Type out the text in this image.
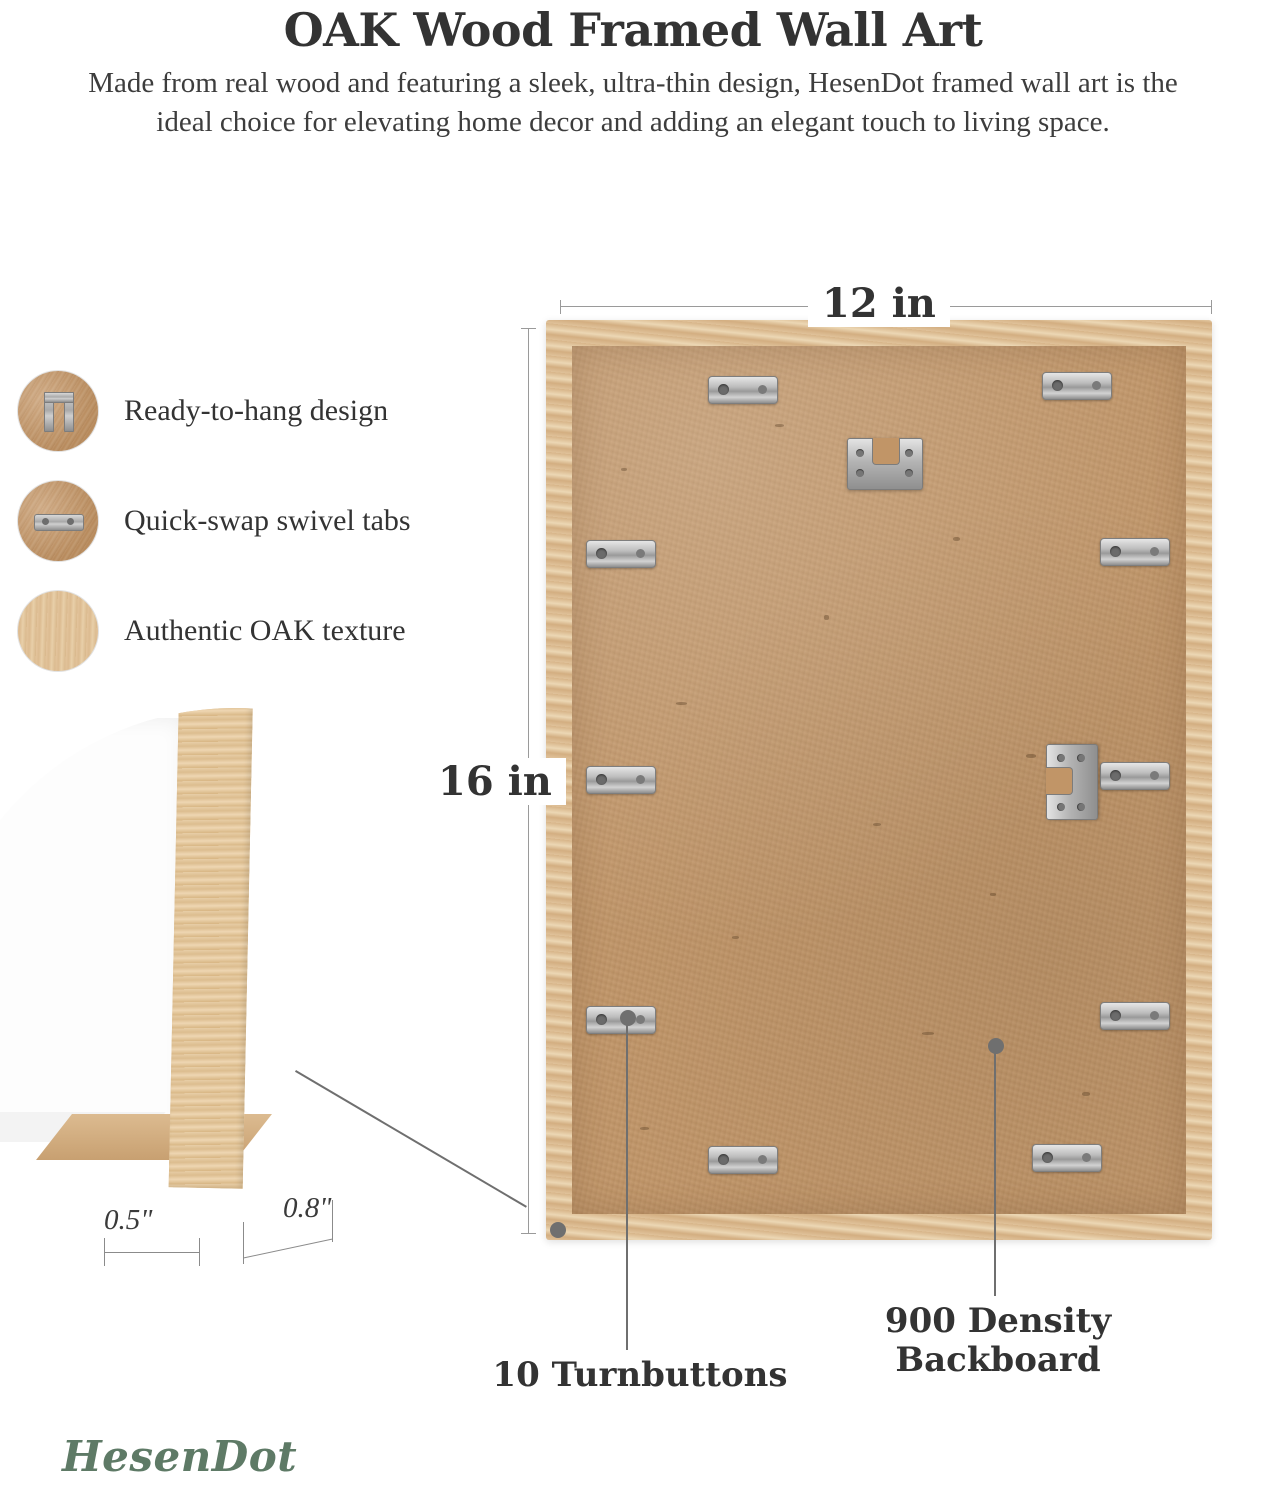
OAK Wood Framed Wall Art

Made from real wood and featuring a sleek, ultra-thin design, HesenDot framed wall art is the ideal choice for elevating home decor and adding an elegant touch to living space.

Ready-to-hang design
Quick-swap swivel tabs
Authentic OAK texture
0.5"	0.8"
12 in
16 in
10 Turnbuttons
900 Density
Backboard
HesenDot
